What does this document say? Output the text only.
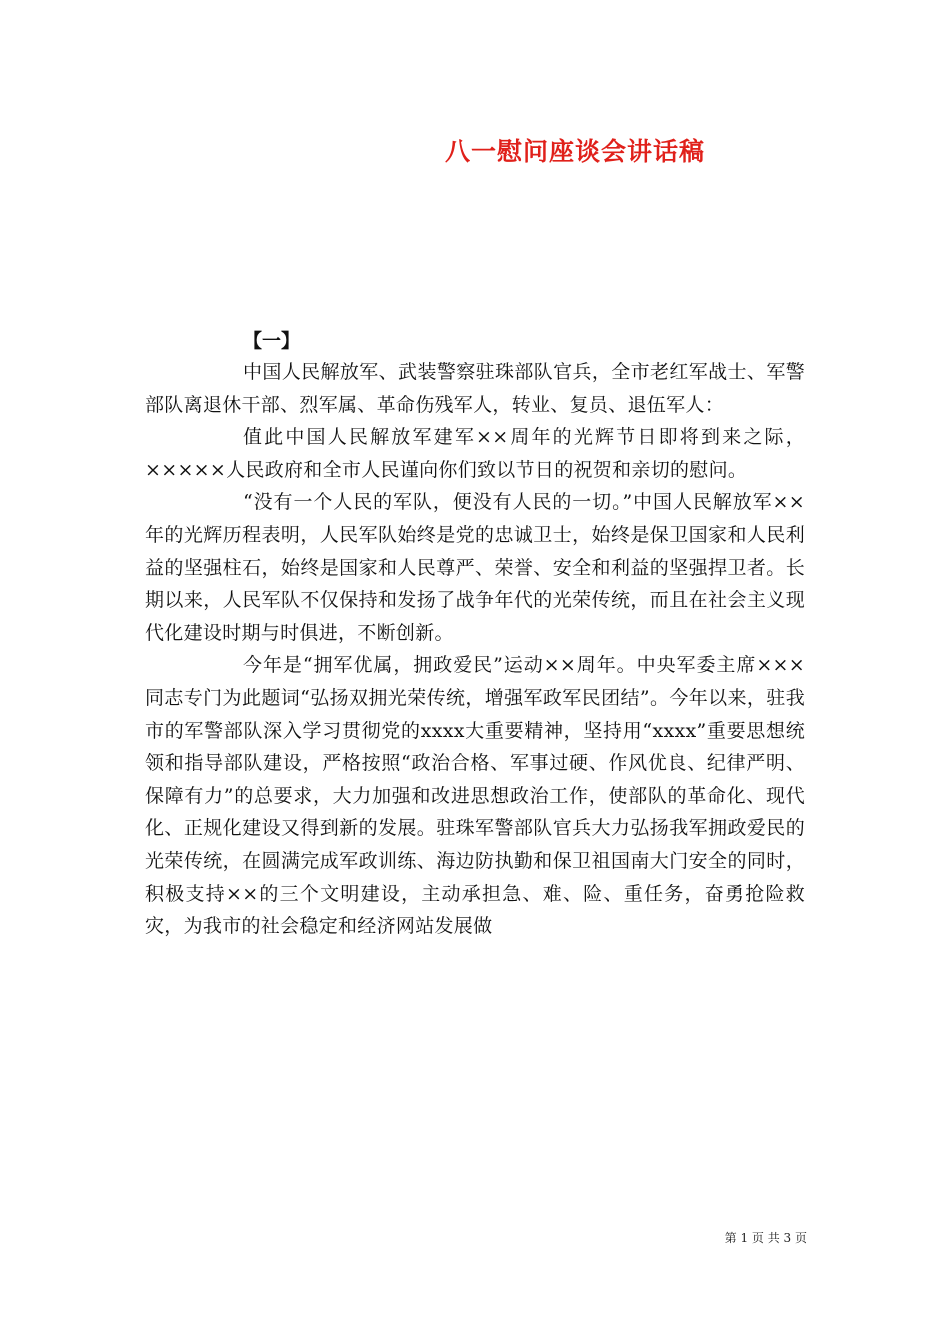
八一慰问座谈会讲话稿

【一】

中国人民解放军、武装警察驻珠部队官兵，全市老红军战士、军警部队离退休干部、烈军属、革命伤残军人，转业、复员、退伍军人：

值此中国人民解放军建军××周年的光辉节日即将到来之际，×××××人民政府和全市人民谨向你们致以节日的祝贺和亲切的慰问。

“没有一个人民的军队，便没有人民的一切。”中国人民解放军××年的光辉历程表明，人民军队始终是党的忠诚卫士，始终是保卫国家和人民利益的坚强柱石，始终是国家和人民尊严、荣誉、安全和利益的坚强捍卫者。长期以来，人民军队不仅保持和发扬了战争年代的光荣传统，而且在社会主义现代化建设时期与时俱进，不断创新。

今年是“拥军优属，拥政爱民”运动××周年。中央军委主席×××同志专门为此题词“弘扬双拥光荣传统，增强军政军民团结”。今年以来，驻我市的军警部队深入学习贯彻党的xxxx大重要精神，坚持用“xxxx”重要思想统领和指导部队建设，严格按照“政治合格、军事过硬、作风优良、纪律严明、保障有力”的总要求，大力加强和改进思想政治工作，使部队的革命化、现代化、正规化建设又得到新的发展。驻珠军警部队官兵大力弘扬我军拥政爱民的光荣传统，在圆满完成军政训练、海边防执勤和保卫祖国南大门安全的同时，积极支持××的三个文明建设，主动承担急、难、险、重任务，奋勇抢险救灾，为我市的社会稳定和经济网站发展做

第 1 页 共 3 页
